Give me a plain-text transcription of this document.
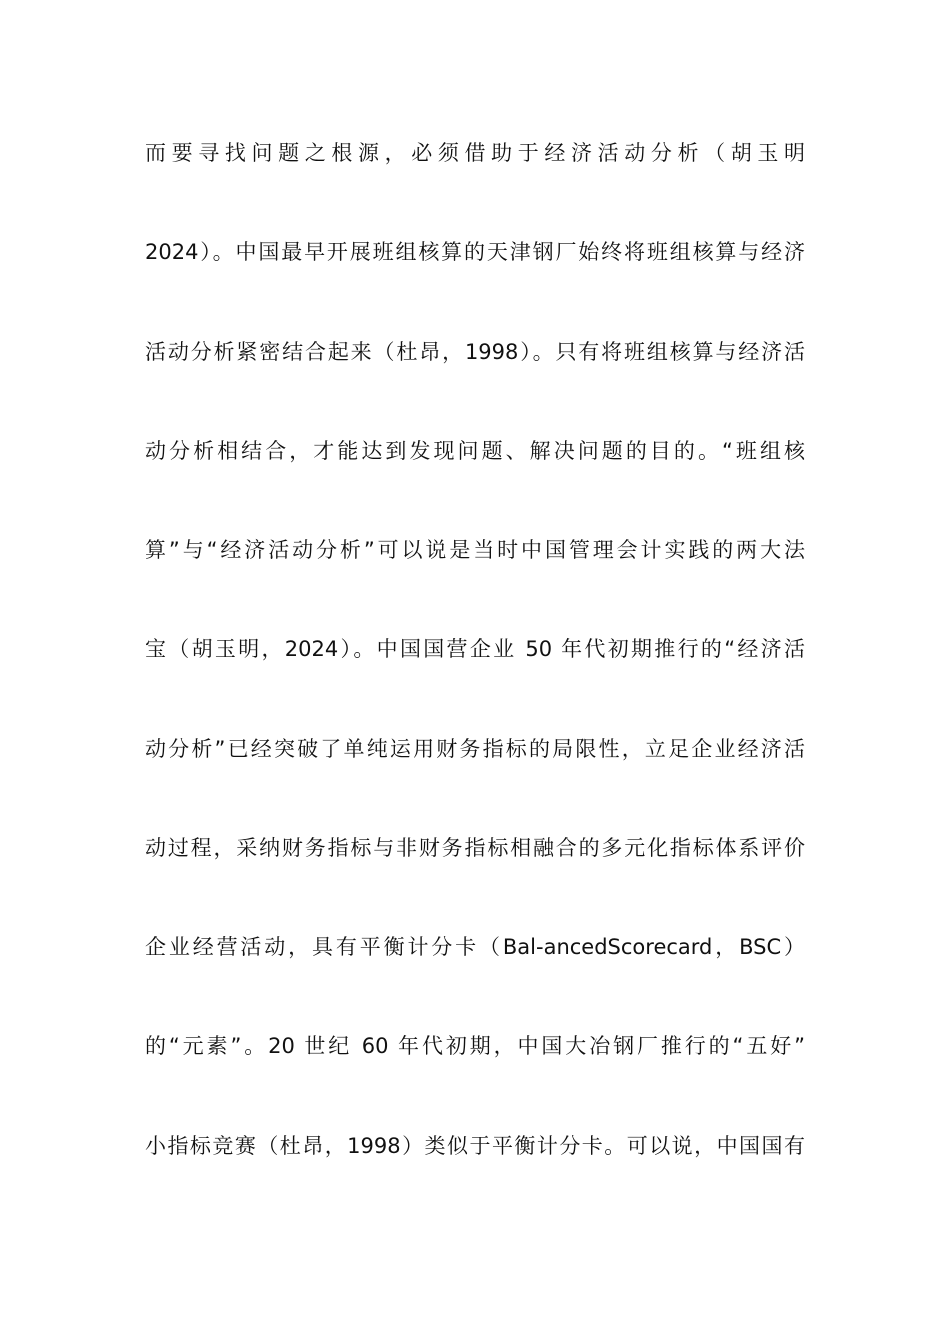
而要寻找问题之根源，必须借助于经济活动分析（胡玉明
2024）。中国最早开展班组核算的天津钢厂始终将班组核算与经济
活动分析紧密结合起来（杜昂，1998）。只有将班组核算与经济活
动分析相结合，才能达到发现问题、解决问题的目的。“班组核
算”与“经济活动分析”可以说是当时中国管理会计实践的两大法
宝（胡玉明，2024）。中国国营企业 50 年代初期推行的“经济活
动分析”已经突破了单纯运用财务指标的局限性，立足企业经济活
动过程，采纳财务指标与非财务指标相融合的多元化指标体系评价
企业经营活动，具有平衡计分卡（Bal-ancedScorecard，BSC）
的“元素”。20 世纪 60 年代初期，中国大冶钢厂推行的“五好”
小指标竞赛（杜昂，1998）类似于平衡计分卡。可以说，中国国有
